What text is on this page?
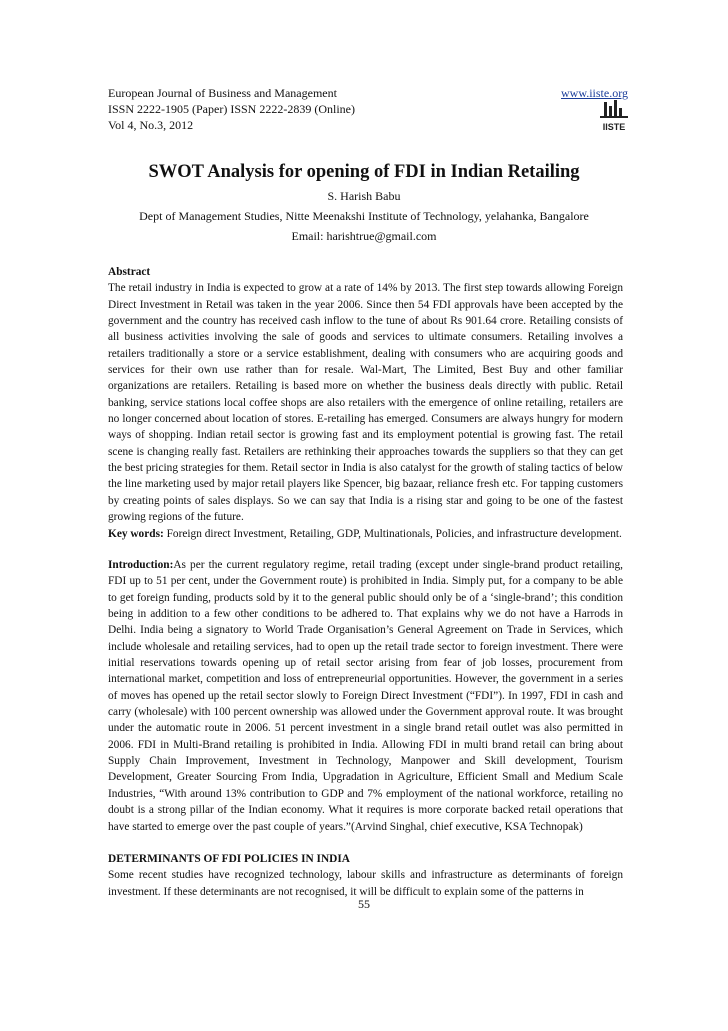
European Journal of Business and Management
ISSN 2222-1905 (Paper) ISSN 2222-2839 (Online)
Vol 4, No.3, 2012
www.iiste.org
IISTE
SWOT Analysis for opening of FDI in Indian Retailing
S. Harish Babu
Dept of Management Studies, Nitte Meenakshi Institute of Technology, yelahanka, Bangalore
Email: harishtrue@gmail.com

Abstract

The retail industry in India is expected to grow at a rate of 14% by 2013. The first step towards allowing Foreign Direct Investment in Retail was taken in the year 2006. Since then 54 FDI approvals have been accepted by the government and the country has received cash inflow to the tune of about Rs 901.64 crore. Retailing consists of all business activities involving the sale of goods and services to ultimate consumers. Retailing involves a retailers traditionally a store or a service establishment, dealing with consumers who are acquiring goods and services for their own use rather than for resale. Wal-Mart, The Limited, Best Buy and other familiar organizations are retailers. Retailing is based more on whether the business deals directly with public. Retail banking, service stations local coffee shops are also retailers with the emergence of online retailing, retailers are no longer concerned about location of stores. E-retailing has emerged. Consumers are always hungry for modern ways of shopping. Indian retail sector is growing fast and its employment potential is growing fast. The retail scene is changing really fast. Retailers are rethinking their approaches towards the suppliers so that they can get the best pricing strategies for them. Retail sector in India is also catalyst for the growth of staling tactics of below the line marketing used by major retail players like Spencer, big bazaar, reliance fresh etc. For tapping customers by creating points of sales displays. So we can say that India is a rising star and going to be one of the fastest growing regions of the future.

Key words: Foreign direct Investment, Retailing, GDP, Multinationals, Policies, and infrastructure development.

Introduction:As per the current regulatory regime, retail trading (except under single-brand product retailing, FDI up to 51 per cent, under the Government route) is prohibited in India. Simply put, for a company to be able to get foreign funding, products sold by it to the general public should only be of a ‘single-brand’; this condition being in addition to a few other conditions to be adhered to. That explains why we do not have a Harrods in Delhi. India being a signatory to World Trade Organisation’s General Agreement on Trade in Services, which include wholesale and retailing services, had to open up the retail trade sector to foreign investment. There were initial reservations towards opening up of retail sector arising from fear of job losses, procurement from international market, competition and loss of entrepreneurial opportunities. However, the government in a series of moves has opened up the retail sector slowly to Foreign Direct Investment (“FDI”). In 1997, FDI in cash and carry (wholesale) with 100 percent ownership was allowed under the Government approval route. It was brought under the automatic route in 2006. 51 percent investment in a single brand retail outlet was also permitted in 2006. FDI in Multi-Brand retailing is prohibited in India. Allowing FDI in multi brand retail can bring about Supply Chain Improvement, Investment in Technology, Manpower and Skill development, Tourism Development, Greater Sourcing From India, Upgradation in Agriculture, Efficient Small and Medium Scale Industries, “With around 13% contribution to GDP and 7% employment of the national workforce, retailing no doubt is a strong pillar of the Indian economy. What it requires is more corporate backed retail operations that have started to emerge over the past couple of years.”(Arvind Singhal, chief executive, KSA Technopak)

DETERMINANTS OF FDI POLICIES IN INDIA

Some recent studies have recognized technology, labour skills and infrastructure as determinants of foreign investment. If these determinants are not recognised, it will be difficult to explain some of the patterns in

55
